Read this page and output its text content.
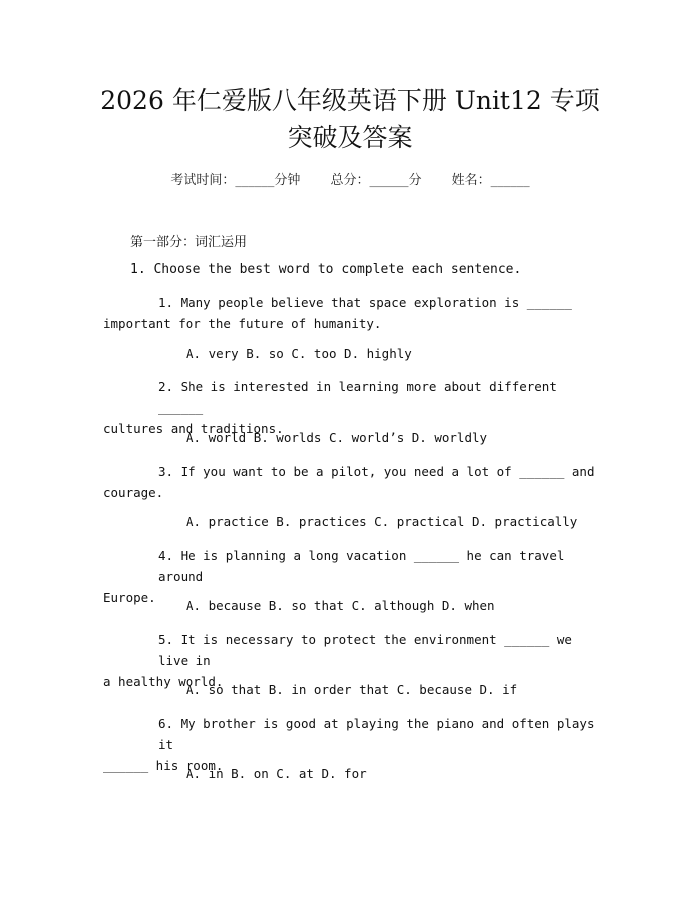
2026 年仁爱版八年级英语下册 Unit12 专项
突破及答案
考试时间：______分钟 总分：______分 姓名：______
第一部分：词汇运用
1. Choose the best word to complete each sentence.

1. Many people believe that space exploration is ______
important for the future of humanity.

A. very B. so C. too D. highly

2. She is interested in learning more about different ______
cultures and traditions.

A. world B. worlds C. world’s D. worldly

3. If you want to be a pilot, you need a lot of ______ and
courage.

A. practice B. practices C. practical D. practically

4. He is planning a long vacation ______ he can travel around
Europe.

A. because B. so that C. although D. when

5. It is necessary to protect the environment ______ we live in
a healthy world.

A. so that B. in order that C. because D. if

6. My brother is good at playing the piano and often plays it
______ his room.

A. in B. on C. at D. for
